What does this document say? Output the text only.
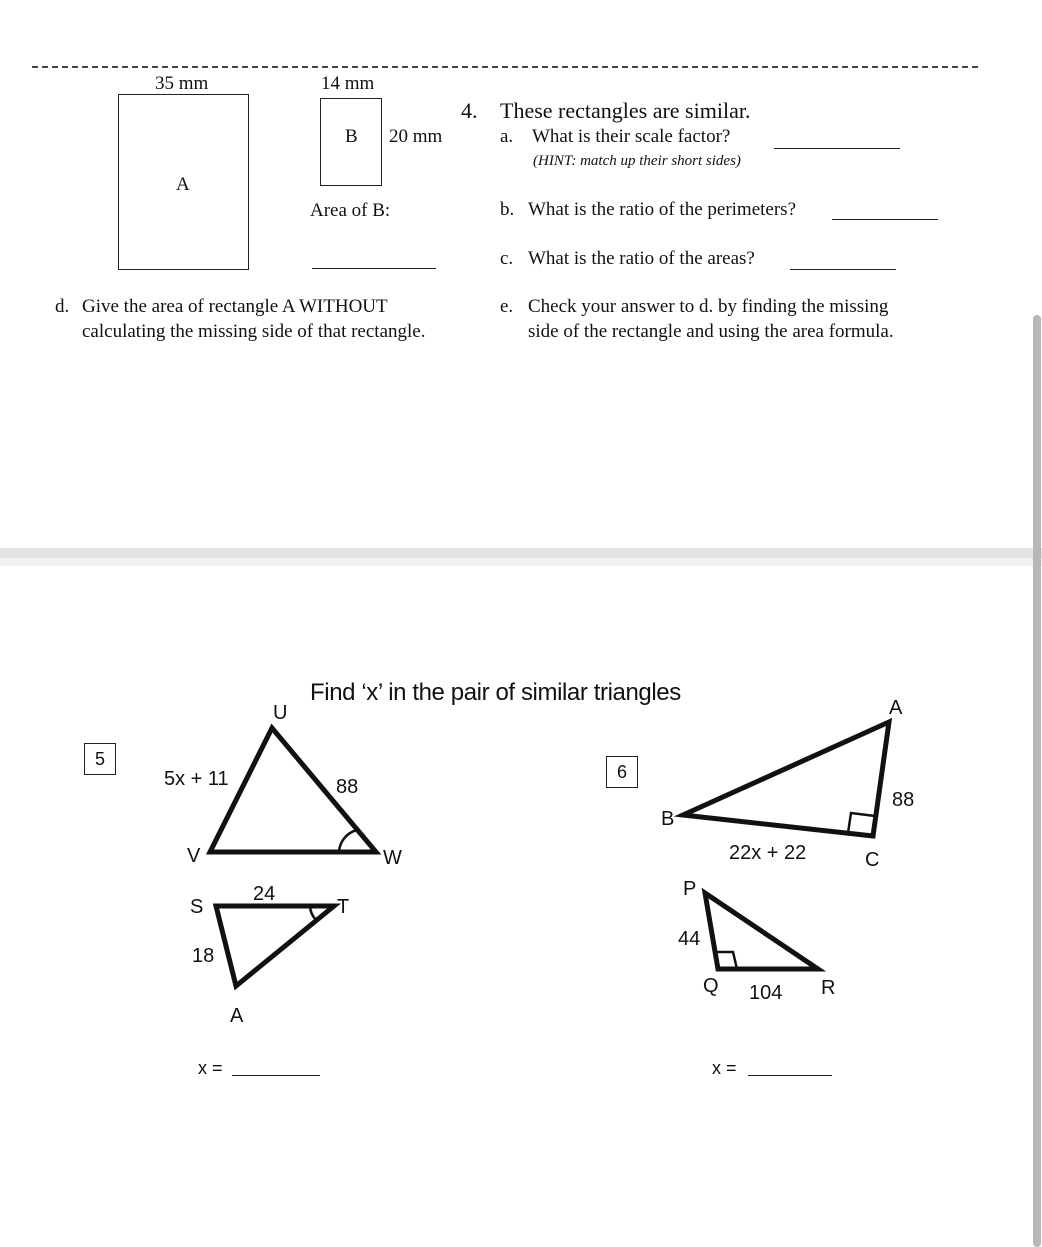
35 mm
A
14 mm
B 20 mm
Area of B:
4. These rectangles are similar.
a. What is their scale factor?
(HINT: match up their short sides)
b. What is the ratio of the perimeters?
c. What is the ratio of the areas?
d. Give the area of rectangle A WITHOUT
calculating the missing side of that rectangle.
e. Check your answer to d. by finding the missing
side of the rectangle and using the area formula.
Find ‘x’ in the pair of similar triangles
5
6
U
V	W
5x + 11	88
S	T
A
24
18
A
B
C
88
22x + 22
P
Q	R
44
104
x =	x =
